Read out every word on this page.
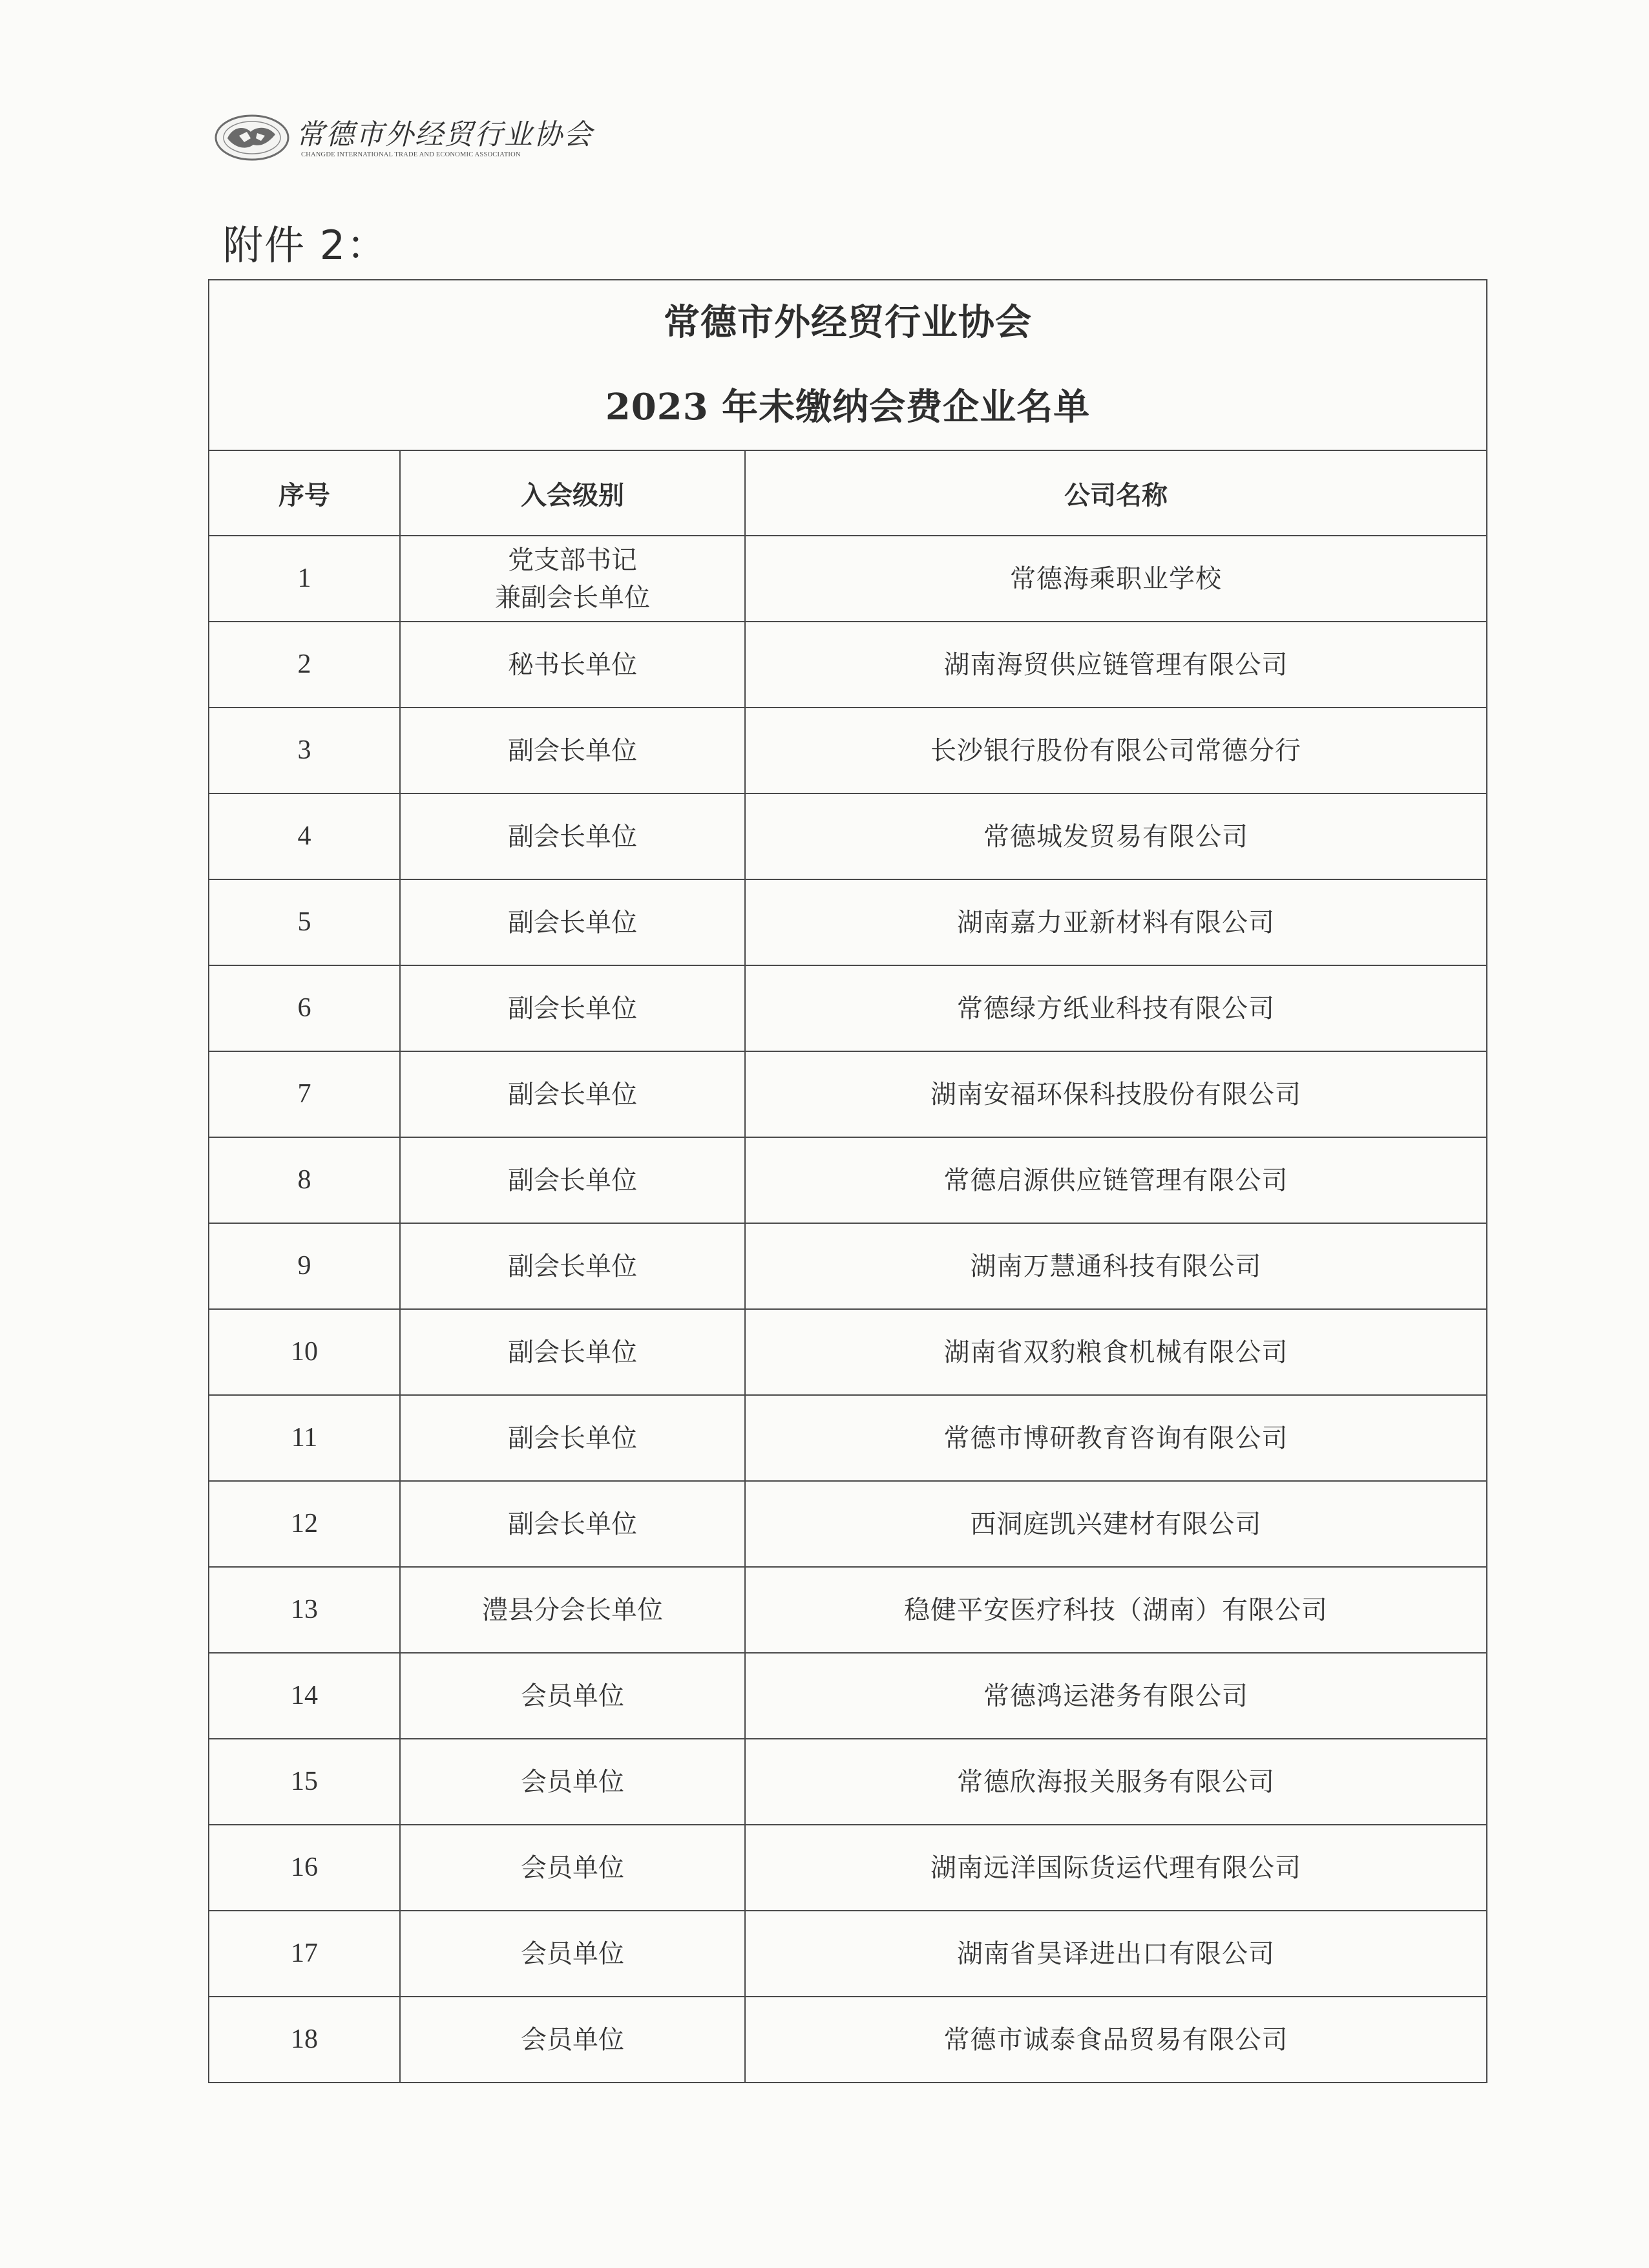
常德市外经贸行业协会
CHANGDE INTERNATIONAL TRADE AND ECONOMIC ASSOCIATION
附件 2：
常德市外经贸行业协会
2023 年未缴纳会费企业名单		

序号	入会级别	公司名称
1	党支部书记
兼副会长单位	常德海乘职业学校
2	秘书长单位	湖南海贸供应链管理有限公司
3	副会长单位	长沙银行股份有限公司常德分行
4	副会长单位	常德城发贸易有限公司
5	副会长单位	湖南嘉力亚新材料有限公司
6	副会长单位	常德绿方纸业科技有限公司
7	副会长单位	湖南安福环保科技股份有限公司
8	副会长单位	常德启源供应链管理有限公司
9	副会长单位	湖南万慧通科技有限公司
10	副会长单位	湖南省双豹粮食机械有限公司
11	副会长单位	常德市博研教育咨询有限公司
12	副会长单位	西洞庭凯兴建材有限公司
13	澧县分会长单位	稳健平安医疗科技（湖南）有限公司
14	会员单位	常德鸿运港务有限公司
15	会员单位	常德欣海报关服务有限公司
16	会员单位	湖南远洋国际货运代理有限公司
17	会员单位	湖南省昊译进出口有限公司
18	会员单位	常德市诚泰食品贸易有限公司
